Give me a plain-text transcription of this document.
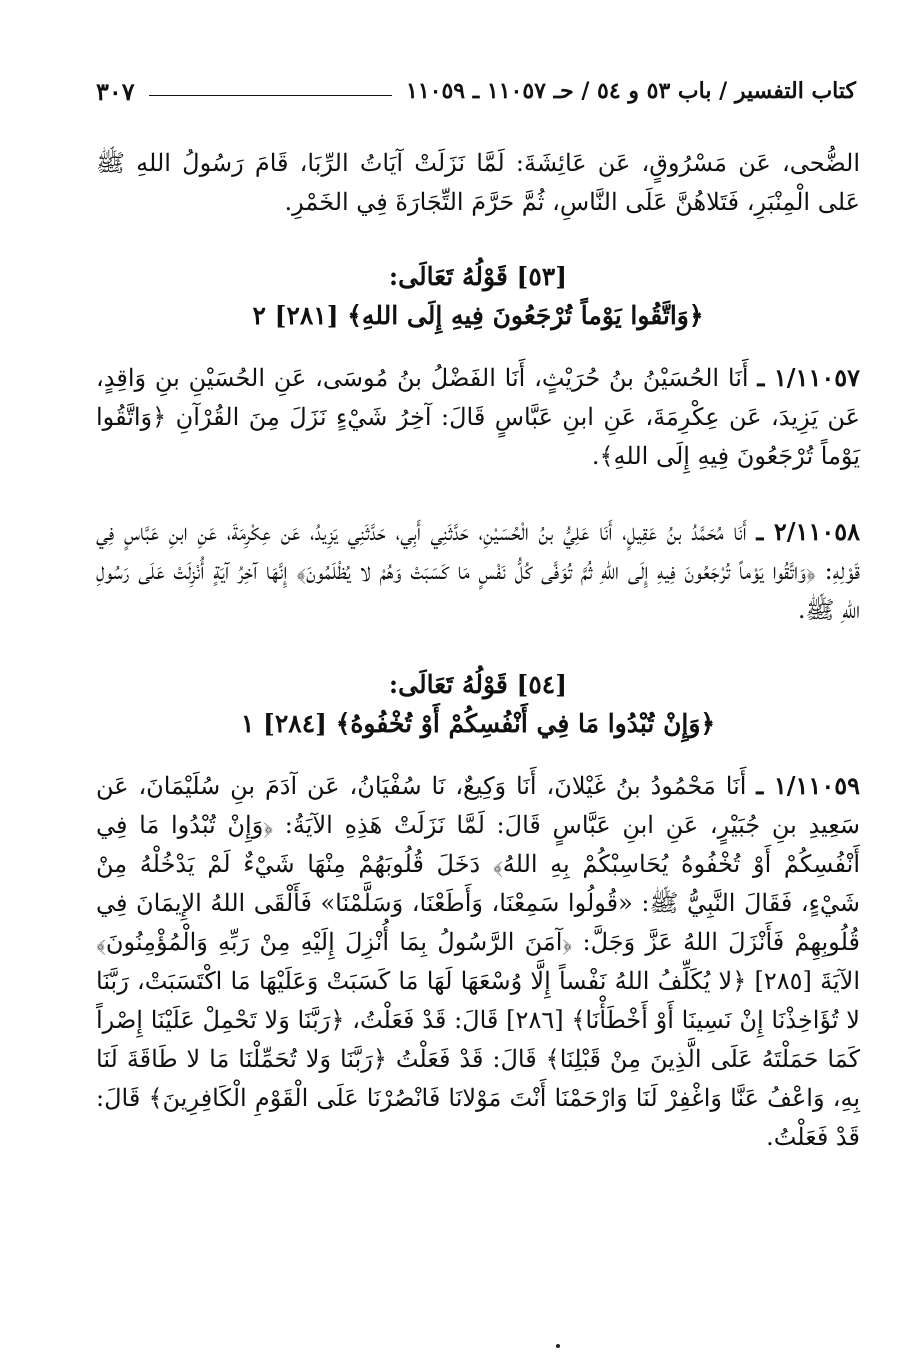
كتاب التفسير / باب ٥٣ و ٥٤ / حـ ١١٠٥٧ ـ ١١٠٥٩
٣٠٧

الضُّحى، عَن مَسْرُوقٍ، عَن عَائِشَةَ: لَمَّا نَزَلَتْ آيَاتُ الرِّبَا، قَامَ رَسُولُ اللهِ ﷺ عَلى الْمِنْبَرِ، فَتَلاهُنَّ عَلَى النَّاسِ، ثُمَّ حَرَّمَ التِّجَارَةَ فِي الخَمْرِ.

[٥٣] قَوْلُهُ تَعَالَى:

﴿وَاتَّقُوا يَوْماً تُرْجَعُونَ فِيهِ إِلَى اللهِ﴾ [٢٨١] ٢

١/١١٠٥٧ ـ أَنَا الحُسَيْنُ بنُ حُرَيْثٍ، أَنَا الفَضْلُ بنُ مُوسَى، عَنِ الحُسَيْنِ بنِ وَاقِدٍ، عَن يَزِيدَ، عَن عِكْرِمَةَ، عَنِ ابنِ عَبَّاسٍ قَالَ: آخِرُ شَيْءٍ نَزَلَ مِنَ القُرْآنِ ﴿وَاتَّقُوا يَوْماً تُرْجَعُونَ فِيهِ إِلَى اللهِ﴾.

٢/١١٠٥٨ ـ أَنَا مُحَمَّدُ بنُ عَقِيلٍ، أَنَا عَلِيُّ بنُ الْحُسَيْنِ، حَدَّثَنِي أَبِي، حَدَّثَنِي يَزِيدُ، عَن عِكْرِمَةَ، عَنِ ابنِ عَبَّاسٍ فِي قَوْلِهِ: ﴿وَاتَّقُوا يَوْماً تُرْجَعُونَ فِيهِ إِلَى اللهِ ثُمَّ تُوَفَّى كُلُّ نَفْسٍ مَا كَسَبَتْ وَهُمْ لا يُظْلَمُونَ﴾ إِنَّهَا آخِرُ آيَةٍ أُنْزِلَتْ عَلَى رَسُولِ اللهِ ﷺ.

[٥٤] قَوْلُهُ تَعَالَى:

﴿وَإِنْ تُبْدُوا مَا فِي أَنْفُسِكُمْ أَوْ تُخْفُوهُ﴾ [٢٨٤] ١

١/١١٠٥٩ ـ أَنَا مَحْمُودُ بنُ غَيْلانَ، أَنَا وَكِيعٌ، نَا سُفْيَانُ، عَن آدَمَ بنِ سُلَيْمَانَ، عَن سَعِيدِ بنِ جُبَيْرٍ، عَنِ ابنِ عَبَّاسٍ قَالَ: لَمَّا نَزَلَتْ هَذِهِ الآيَةُ: ﴿وَإِنْ تُبْدُوا مَا فِي أَنْفُسِكُمْ أَوْ تُخْفُوهُ يُحَاسِبْكُمْ بِهِ اللهُ﴾ دَخَلَ قُلُوبَهُمْ مِنْهَا شَيْءٌ لَمْ يَدْخُلْهُ مِنْ شَيْءٍ، فَقَالَ النَّبِيُّ ﷺ: «قُولُوا سَمِعْنَا، وَأَطَعْنَا، وَسَلَّمْنَا» فَأَلْقَى اللهُ الإِيمَانَ فِي قُلُوبِهِمْ فَأَنْزَلَ اللهُ عَزَّ وَجَلَّ: ﴿آمَنَ الرَّسُولُ بِمَا أُنْزِلَ إِلَيْهِ مِنْ رَبِّهِ وَالْمُؤْمِنُونَ﴾ الآيَةَ [٢٨٥] ﴿لا يُكَلِّفُ اللهُ نَفْساً إِلَّا وُسْعَهَا لَهَا مَا كَسَبَتْ وَعَلَيْهَا مَا اكْتَسَبَتْ، رَبَّنَا لا تُؤَاخِذْنَا إِنْ نَسِينَا أَوْ أَخْطَأْنَا﴾ [٢٨٦] قَالَ: قَدْ فَعَلْتُ، ﴿رَبَّنَا وَلا تَحْمِلْ عَلَيْنَا إِصْراً كَمَا حَمَلْتَهُ عَلَى الَّذِينَ مِنْ قَبْلِنَا﴾ قَالَ: قَدْ فَعَلْتُ ﴿رَبَّنَا وَلا تُحَمِّلْنَا مَا لا طَاقَةَ لَنَا بِهِ، وَاعْفُ عَنَّا وَاغْفِرْ لَنَا وَارْحَمْنَا أَنْتَ مَوْلانَا فَانْصُرْنَا عَلَى الْقَوْمِ الْكَافِرِينَ﴾ قَالَ: قَدْ فَعَلْتُ.
